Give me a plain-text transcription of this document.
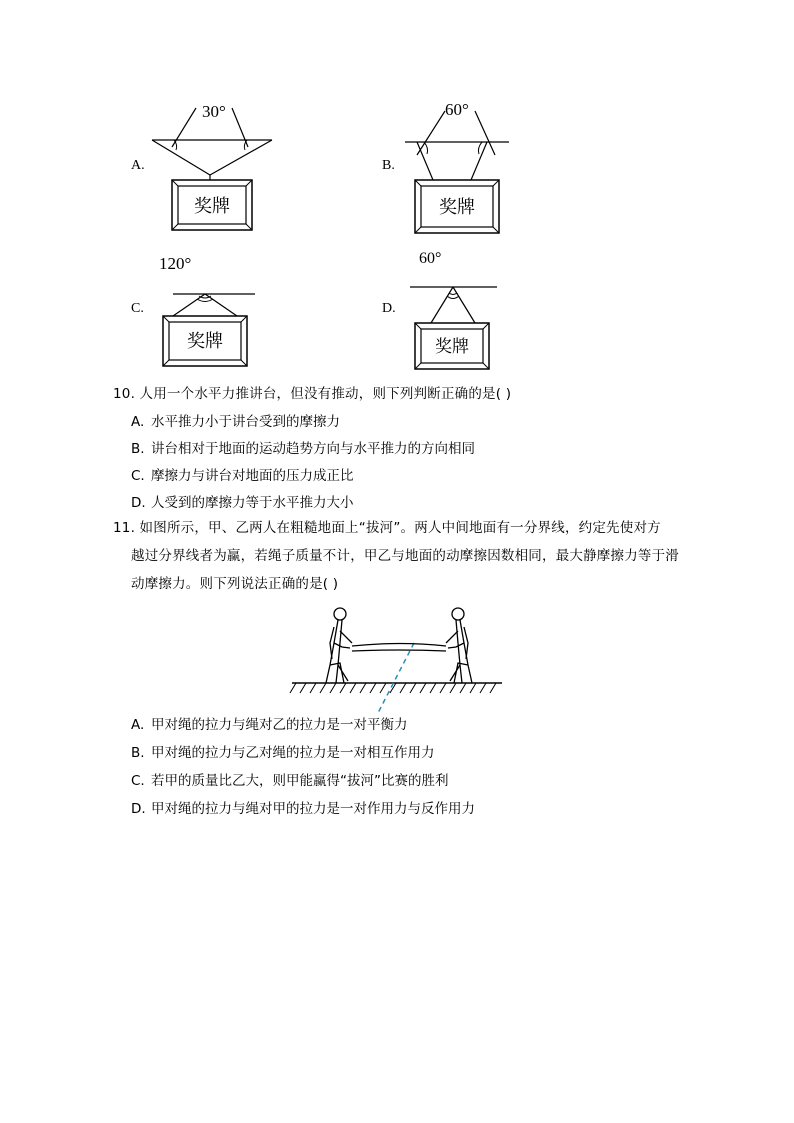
A.
30°
奖牌
B.
60°
奖牌
C.
120°
奖牌
D.
60°
奖牌
10. 人用一个水平力推讲台，但没有推动，则下列判断正确的是( )
A. 水平推力小于讲台受到的摩擦力
B. 讲台相对于地面的运动趋势方向与水平推力的方向相同
C. 摩擦力与讲台对地面的压力成正比
D. 人受到的摩擦力等于水平推力大小
11. 如图所示，甲、乙两人在粗糙地面上“拔河”。两人中间地面有一分界线，约定先使对方
越过分界线者为赢，若绳子质量不计，甲乙与地面的动摩擦因数相同，最大静摩擦力等于滑
动摩擦力。则下列说法正确的是( )
A. 甲对绳的拉力与绳对乙的拉力是一对平衡力
B. 甲对绳的拉力与乙对绳的拉力是一对相互作用力
C. 若甲的质量比乙大，则甲能赢得“拔河”比赛的胜利
D. 甲对绳的拉力与绳对甲的拉力是一对作用力与反作用力
